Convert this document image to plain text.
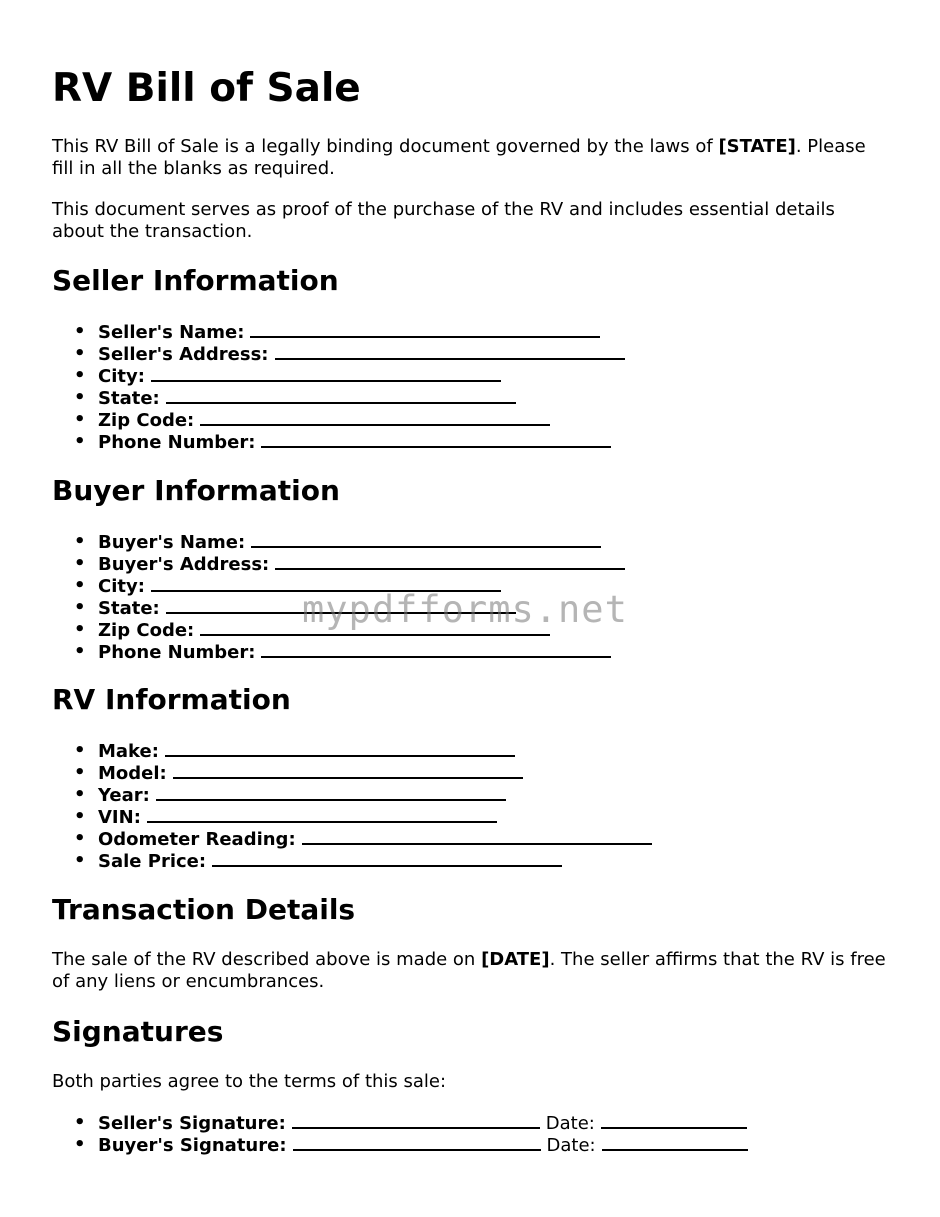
RV Bill of Sale

This RV Bill of Sale is a legally binding document governed by the laws of [STATE]. Please fill in all the blanks as required.

This document serves as proof of the purchase of the RV and includes essential details about the transaction.

Seller Information
• Seller's Name:
• Seller's Address:
• City:
• State:
• Zip Code:
• Phone Number:
Buyer Information
• Buyer's Name:
• Buyer's Address:
• City:
• State:
• Zip Code:
• Phone Number:
RV Information
• Make:
• Model:
• Year:
• VIN:
• Odometer Reading:
• Sale Price:
Transaction Details

The sale of the RV described above is made on [DATE]. The seller affirms that the RV is free of any liens or encumbrances.

Signatures

Both parties agree to the terms of this sale:

• Seller's Signature:	Date:
• Buyer's Signature:	Date:
mypdfforms.net
